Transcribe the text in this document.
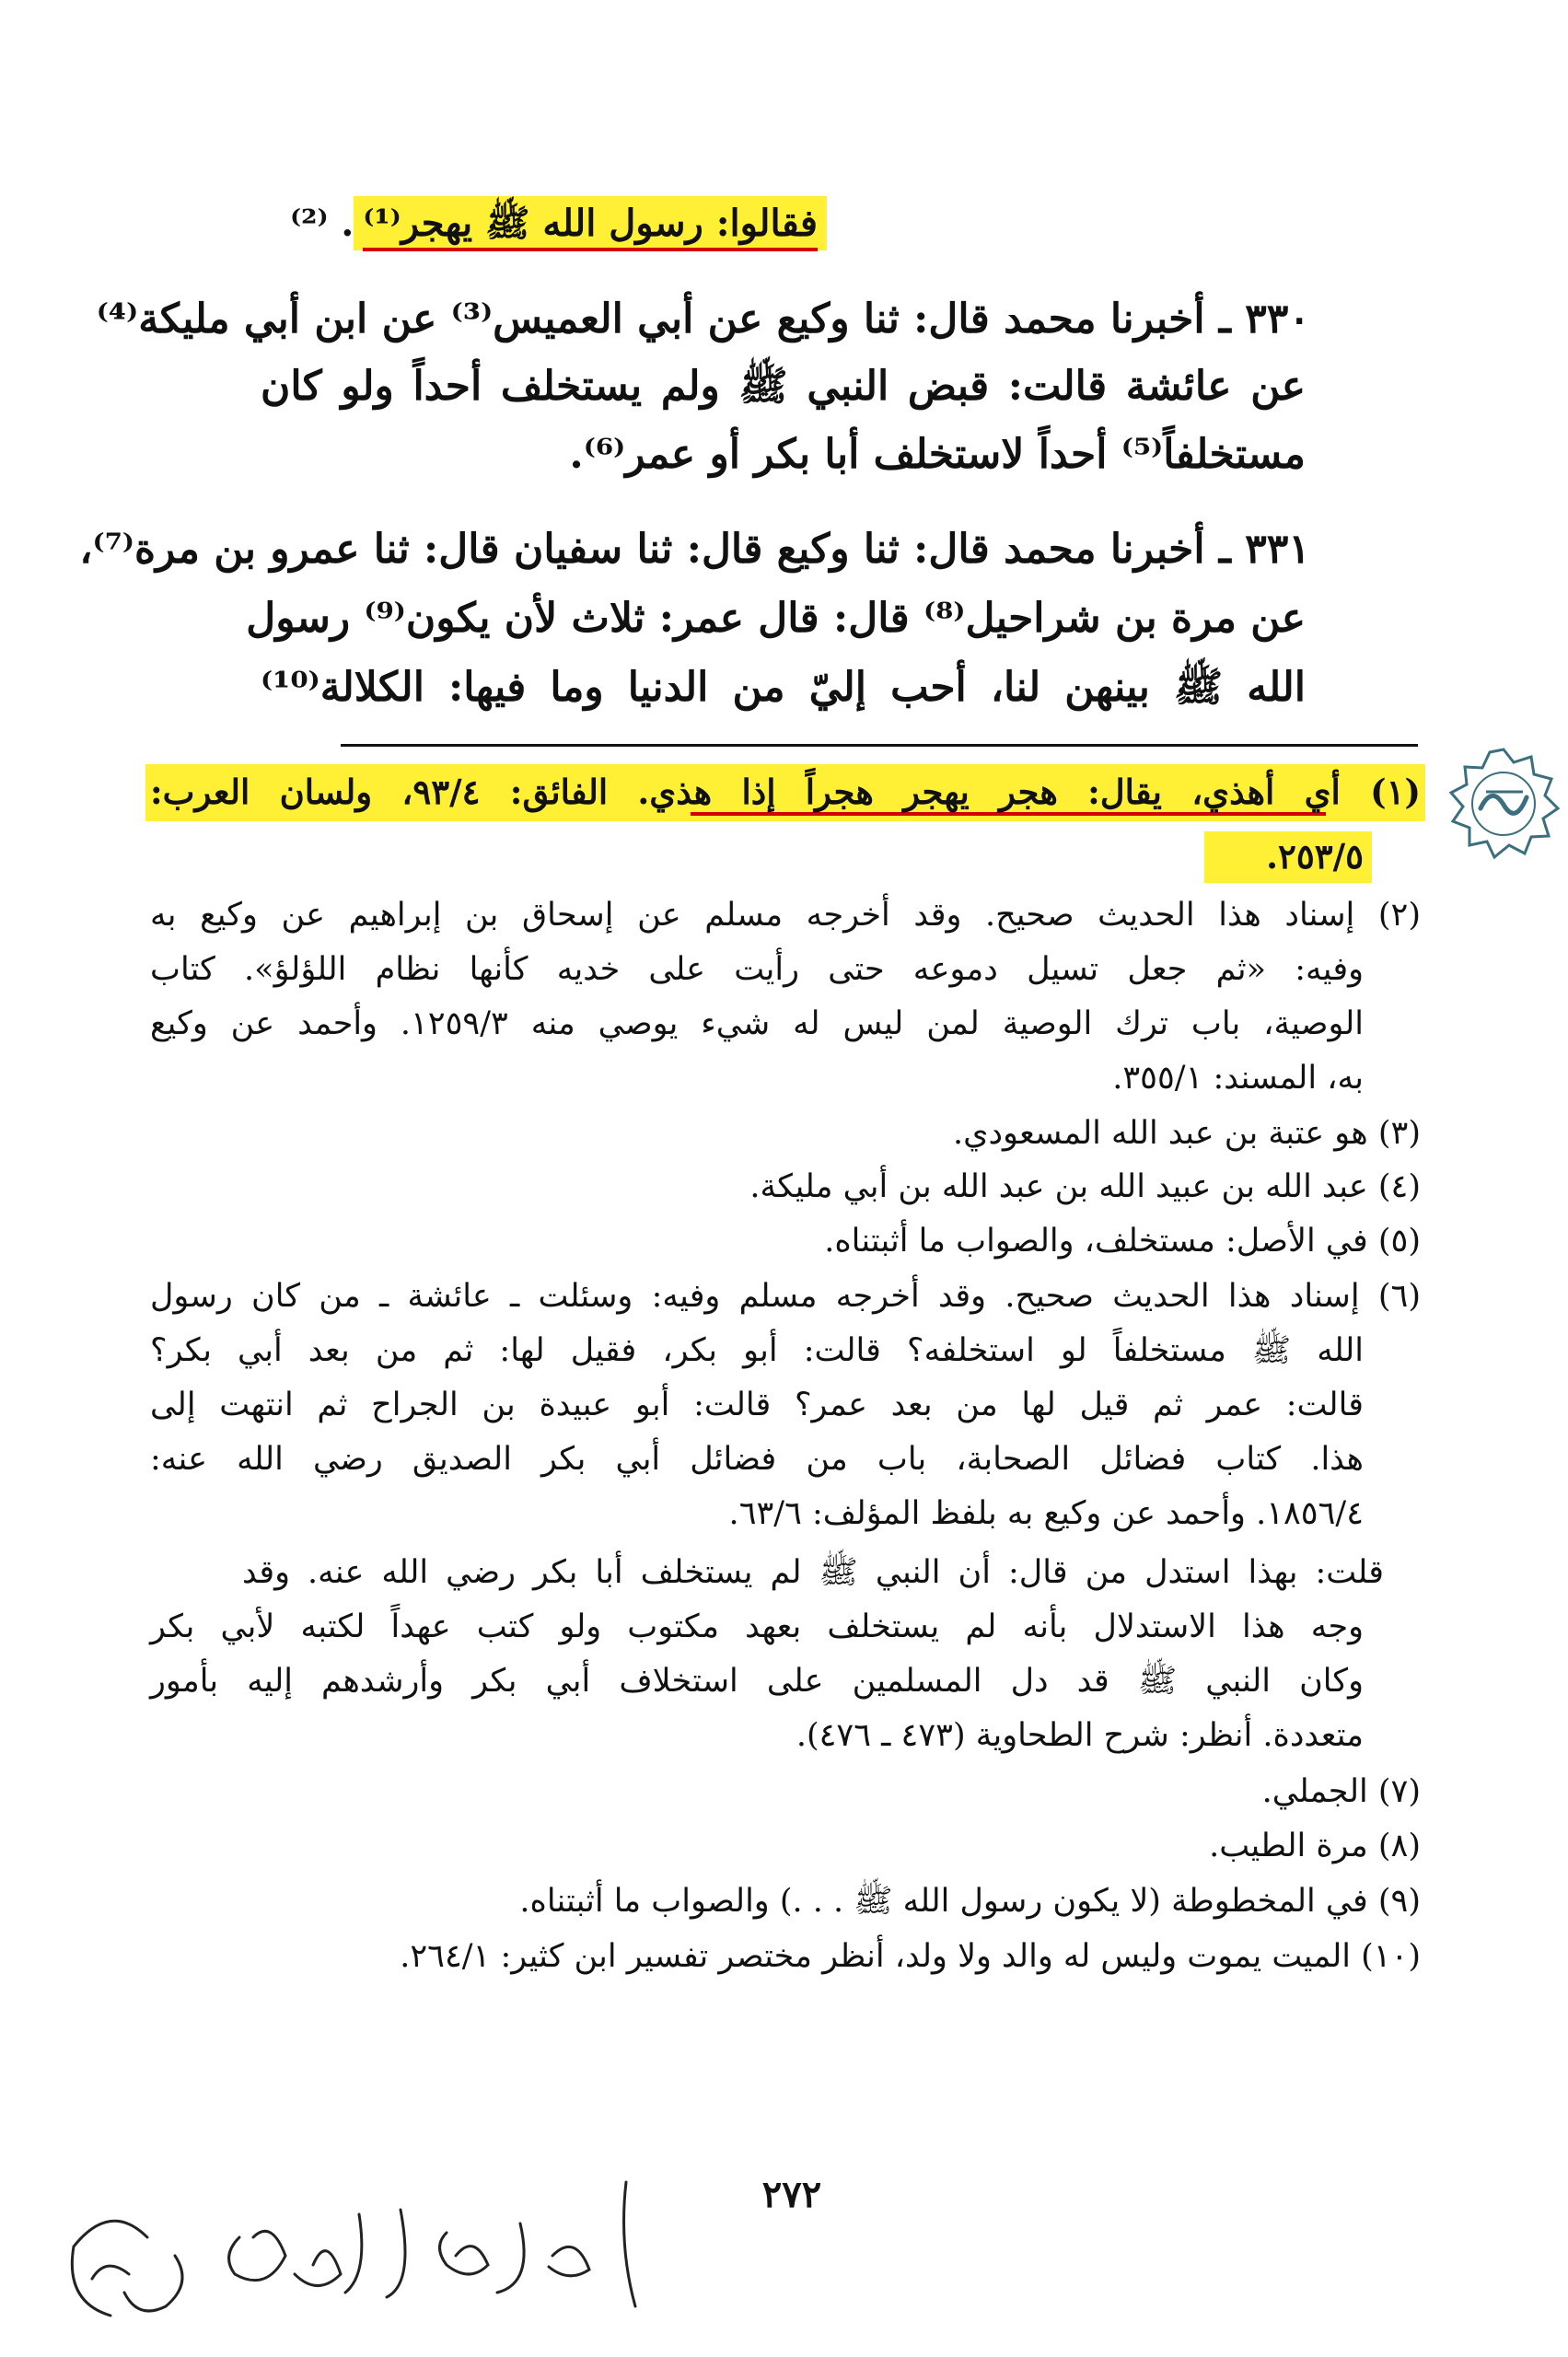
فقالوا: رسول الله ﷺ يهجر⁽¹⁾. ⁽²⁾
٣٣٠ ـ أخبرنا محمد قال: ثنا وكيع عن أبي العميس⁽³⁾ عن ابن أبي مليكة⁽⁴⁾
عن عائشة قالت: قبض النبي ﷺ ولم يستخلف أحداً ولو كان
مستخلفاً⁽⁵⁾ أحداً لاستخلف أبا بكر أو عمر⁽⁶⁾.
٣٣١ ـ أخبرنا محمد قال: ثنا وكيع قال: ثنا سفيان قال: ثنا عمرو بن مرة⁽⁷⁾،
عن مرة بن شراحيل⁽⁸⁾ قال: قال عمر: ثلاث لأن يكون⁽⁹⁾ رسول
الله ﷺ بينهن لنا، أحب إليّ من الدنيا وما فيها: الكلالة⁽¹⁰⁾
(١) أي أهذي، يقال: هجر يهجر هجراً إذا هذي. الفائق: ٩٣/٤، ولسان العرب:
٢٥٣/٥.
(٢) إسناد هذا الحديث صحيح. وقد أخرجه مسلم عن إسحاق بن إبراهيم عن وكيع به
وفيه: «ثم جعل تسيل دموعه حتى رأيت على خديه كأنها نظام اللؤلؤ». كتاب
الوصية، باب ترك الوصية لمن ليس له شيء يوصي منه ١٢٥٩/٣. وأحمد عن وكيع
به، المسند: ٣٥٥/١.
(٣) هو عتبة بن عبد الله المسعودي.
(٤) عبد الله بن عبيد الله بن عبد الله بن أبي مليكة.
(٥) في الأصل: مستخلف، والصواب ما أثبتناه.
(٦) إسناد هذا الحديث صحيح. وقد أخرجه مسلم وفيه: وسئلت ـ عائشة ـ من كان رسول
الله ﷺ مستخلفاً لو استخلفه؟ قالت: أبو بكر، فقيل لها: ثم من بعد أبي بكر؟
قالت: عمر ثم قيل لها من بعد عمر؟ قالت: أبو عبيدة بن الجراح ثم انتهت إلى
هذا. كتاب فضائل الصحابة، باب من فضائل أبي بكر الصديق رضي الله عنه:
١٨٥٦/٤. وأحمد عن وكيع به بلفظ المؤلف: ٦٣/٦.
قلت: بهذا استدل من قال: أن النبي ﷺ لم يستخلف أبا بكر رضي الله عنه. وقد
وجه هذا الاستدلال بأنه لم يستخلف بعهد مكتوب ولو كتب عهداً لكتبه لأبي بكر
وكان النبي ﷺ قد دل المسلمين على استخلاف أبي بكر وأرشدهم إليه بأمور
متعددة. أنظر: شرح الطحاوية (٤٧٣ ـ ٤٧٦).
(٧) الجملي.
(٨) مرة الطيب.
(٩) في المخطوطة (لا يكون رسول الله ﷺ . . .) والصواب ما أثبتناه.
(١٠) الميت يموت وليس له والد ولا ولد، أنظر مختصر تفسير ابن كثير: ٢٦٤/١.
٢٧٢
